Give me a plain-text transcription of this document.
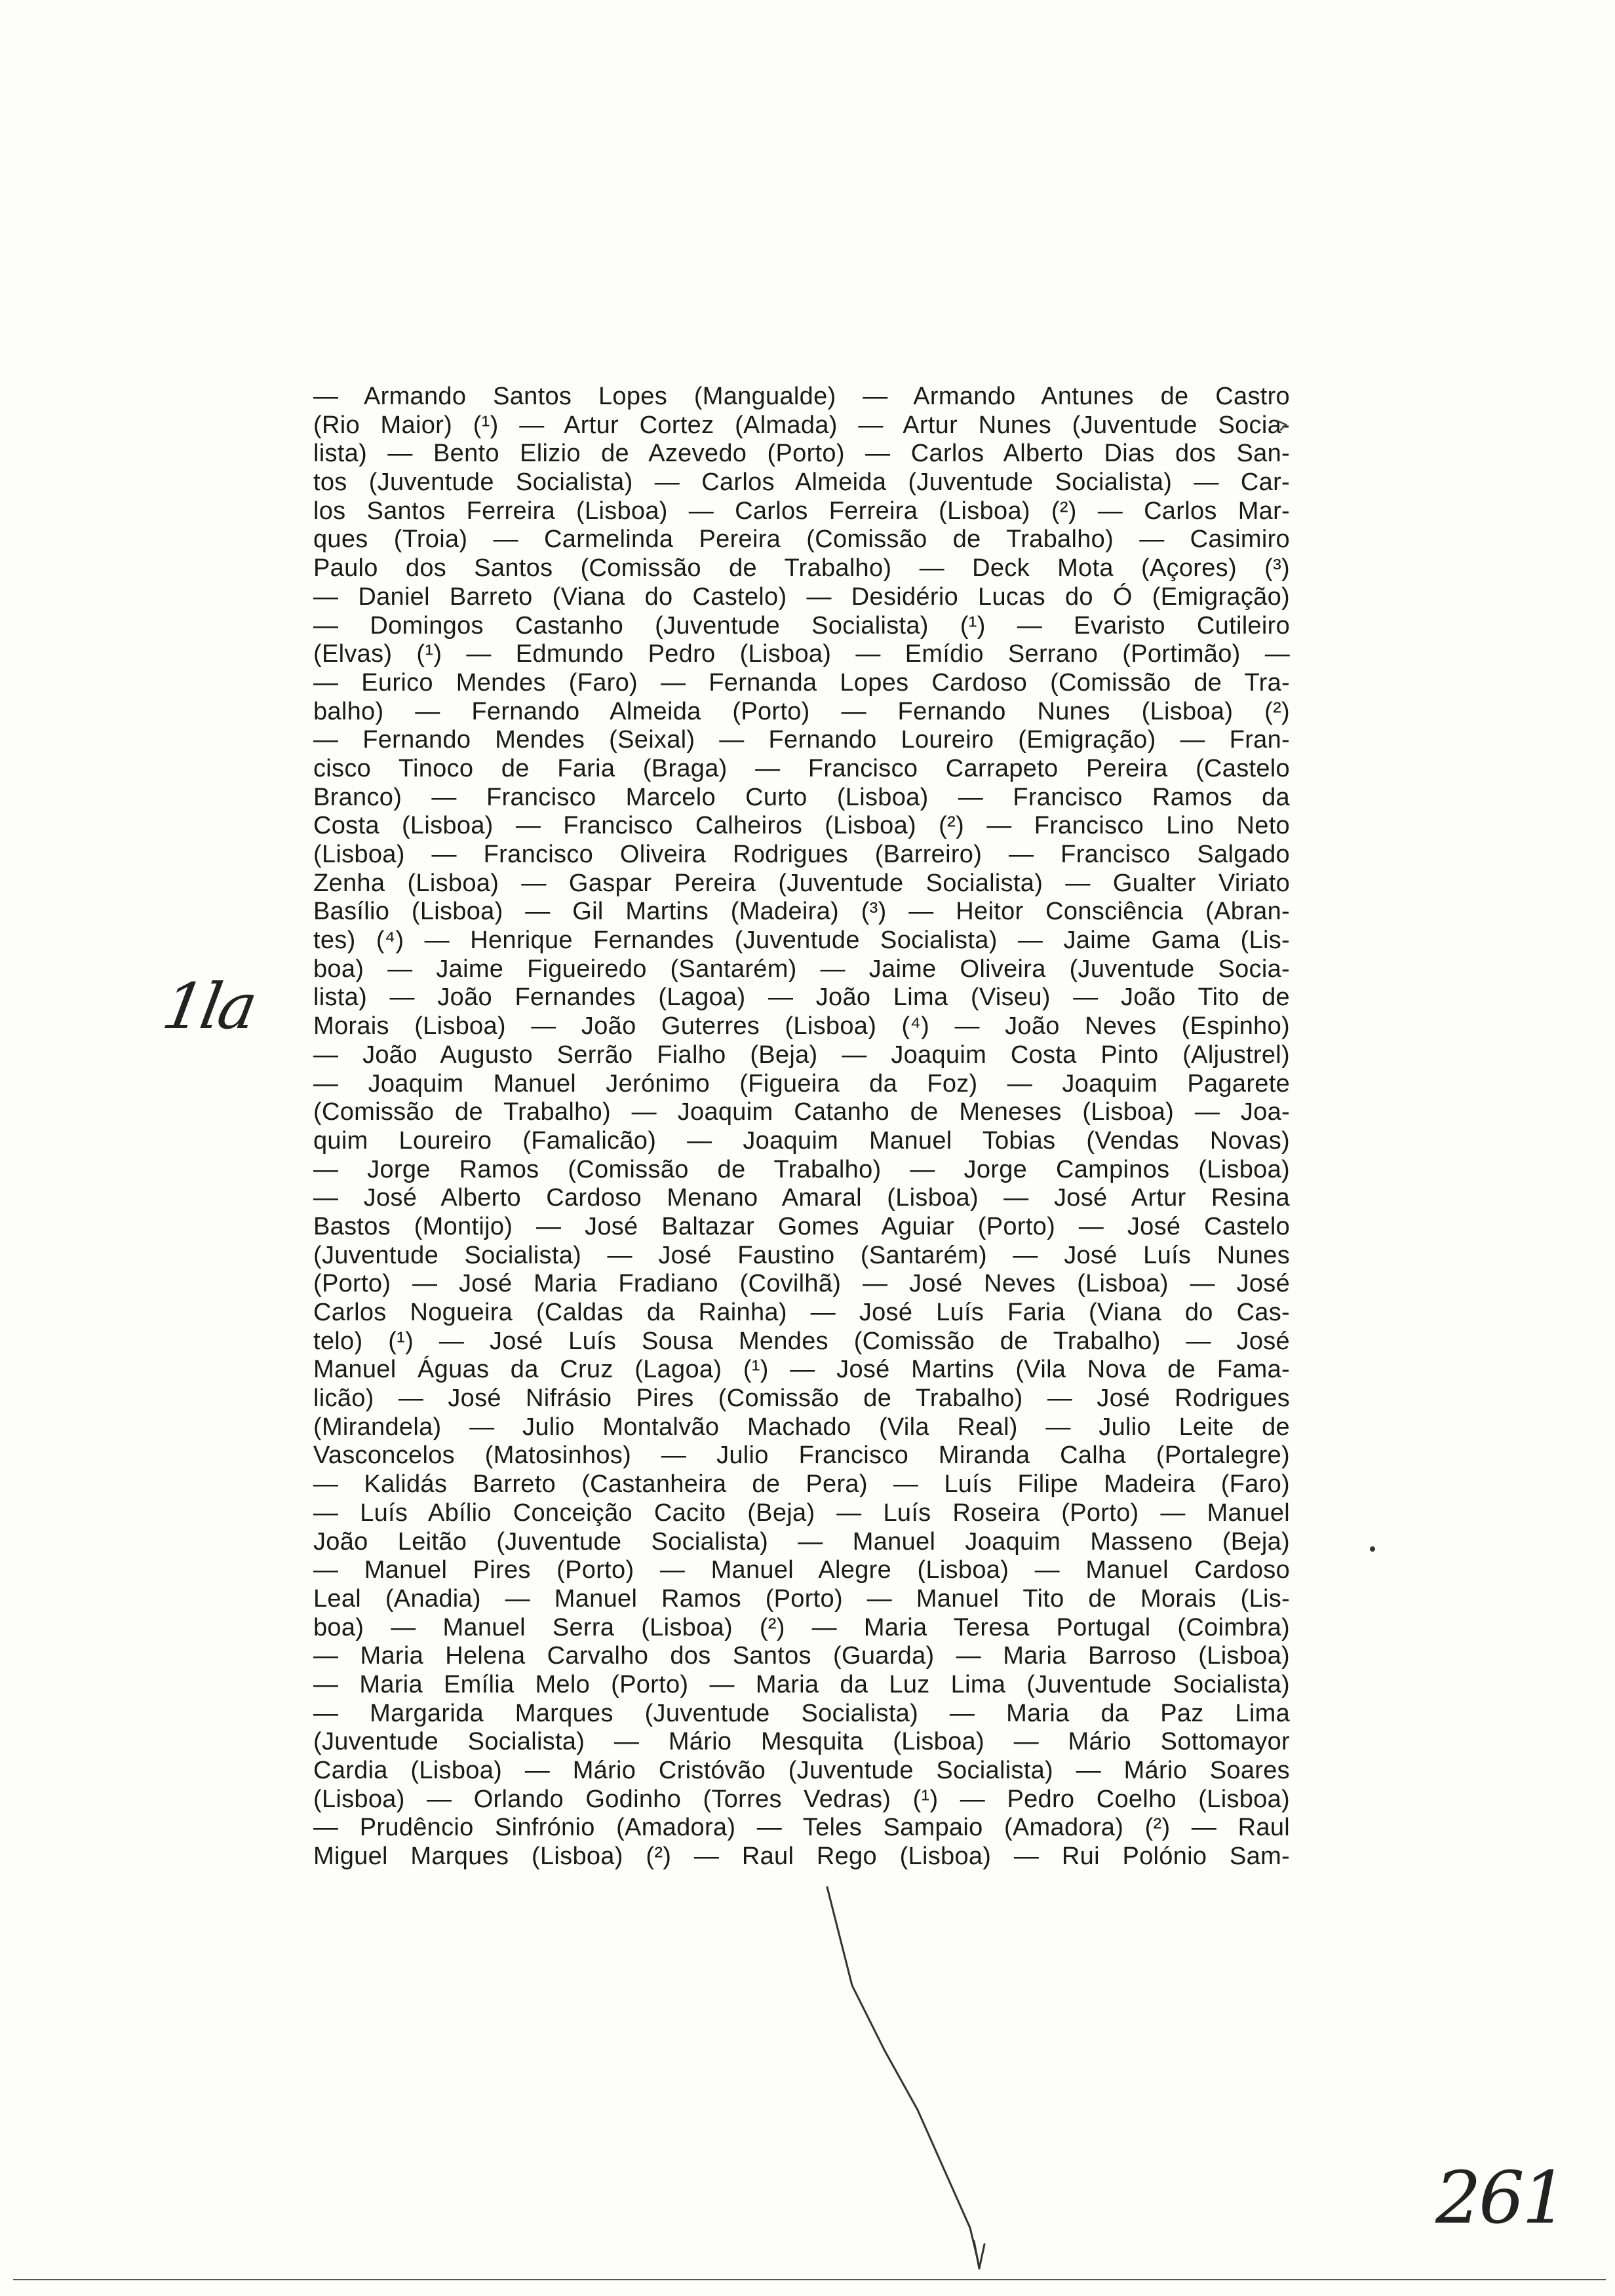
— Armando Santos Lopes (Mangualde) — Armando Antunes de Castro
(Rio Maior) (¹) — Artur Cortez (Almada) — Artur Nunes (Juventude Socia-
lista) — Bento Elizio de Azevedo (Porto) — Carlos Alberto Dias dos San-
tos (Juventude Socialista) — Carlos Almeida (Juventude Socialista) — Car-
los Santos Ferreira (Lisboa) — Carlos Ferreira (Lisboa) (²) — Carlos Mar-
ques (Troia) — Carmelinda Pereira (Comissão de Trabalho) — Casimiro
Paulo dos Santos (Comissão de Trabalho) — Deck Mota (Açores) (³)
— Daniel Barreto (Viana do Castelo) — Desidério Lucas do Ó (Emigração)
— Domingos Castanho (Juventude Socialista) (¹) — Evaristo Cutileiro
(Elvas) (¹) — Edmundo Pedro (Lisboa) — Emídio Serrano (Portimão) —
— Eurico Mendes (Faro) — Fernanda Lopes Cardoso (Comissão de Tra-
balho) — Fernando Almeida (Porto) — Fernando Nunes (Lisboa) (²)
— Fernando Mendes (Seixal) — Fernando Loureiro (Emigração) — Fran-
cisco Tinoco de Faria (Braga) — Francisco Carrapeto Pereira (Castelo
Branco) — Francisco Marcelo Curto (Lisboa) — Francisco Ramos da
Costa (Lisboa) — Francisco Calheiros (Lisboa) (²) — Francisco Lino Neto
(Lisboa) — Francisco Oliveira Rodrigues (Barreiro) — Francisco Salgado
Zenha (Lisboa) — Gaspar Pereira (Juventude Socialista) — Gualter Viriato
Basílio (Lisboa) — Gil Martins (Madeira) (³) — Heitor Consciência (Abran-
tes) (⁴) — Henrique Fernandes (Juventude Socialista) — Jaime Gama (Lis-
boa) — Jaime Figueiredo (Santarém) — Jaime Oliveira (Juventude Socia-
lista) — João Fernandes (Lagoa) — João Lima (Viseu) — João Tito de
Morais (Lisboa) — João Guterres (Lisboa) (⁴) — João Neves (Espinho)
— João Augusto Serrão Fialho (Beja) — Joaquim Costa Pinto (Aljustrel)
— Joaquim Manuel Jerónimo (Figueira da Foz) — Joaquim Pagarete
(Comissão de Trabalho) — Joaquim Catanho de Meneses (Lisboa) — Joa-
quim Loureiro (Famalicão) — Joaquim Manuel Tobias (Vendas Novas)
— Jorge Ramos (Comissão de Trabalho) — Jorge Campinos (Lisboa)
— José Alberto Cardoso Menano Amaral (Lisboa) — José Artur Resina
Bastos (Montijo) — José Baltazar Gomes Aguiar (Porto) — José Castelo
(Juventude Socialista) — José Faustino (Santarém) — José Luís Nunes
(Porto) — José Maria Fradiano (Covilhã) — José Neves (Lisboa) — José
Carlos Nogueira (Caldas da Rainha) — José Luís Faria (Viana do Cas-
telo) (¹) — José Luís Sousa Mendes (Comissão de Trabalho) — José
Manuel Águas da Cruz (Lagoa) (¹) — José Martins (Vila Nova de Fama-
licão) — José Nifrásio Pires (Comissão de Trabalho) — José Rodrigues
(Mirandela) — Julio Montalvão Machado (Vila Real) — Julio Leite de
Vasconcelos (Matosinhos) — Julio Francisco Miranda Calha (Portalegre)
— Kalidás Barreto (Castanheira de Pera) — Luís Filipe Madeira (Faro)
— Luís Abílio Conceição Cacito (Beja) — Luís Roseira (Porto) — Manuel
João Leitão (Juventude Socialista) — Manuel Joaquim Masseno (Beja)
— Manuel Pires (Porto) — Manuel Alegre (Lisboa) — Manuel Cardoso
Leal (Anadia) — Manuel Ramos (Porto) — Manuel Tito de Morais (Lis-
boa) — Manuel Serra (Lisboa) (²) — Maria Teresa Portugal (Coimbra)
— Maria Helena Carvalho dos Santos (Guarda) — Maria Barroso (Lisboa)
— Maria Emília Melo (Porto) — Maria da Luz Lima (Juventude Socialista)
— Margarida Marques (Juventude Socialista) — Maria da Paz Lima
(Juventude Socialista) — Mário Mesquita (Lisboa) — Mário Sottomayor
Cardia (Lisboa) — Mário Cristóvão (Juventude Socialista) — Mário Soares
(Lisboa) — Orlando Godinho (Torres Vedras) (¹) — Pedro Coelho (Lisboa)
— Prudêncio Sinfrónio (Amadora) — Teles Sampaio (Amadora) (²) — Raul
Miguel Marques (Lisboa) (²) — Raul Rego (Lisboa) — Rui Polónio Sam-
1la
261
